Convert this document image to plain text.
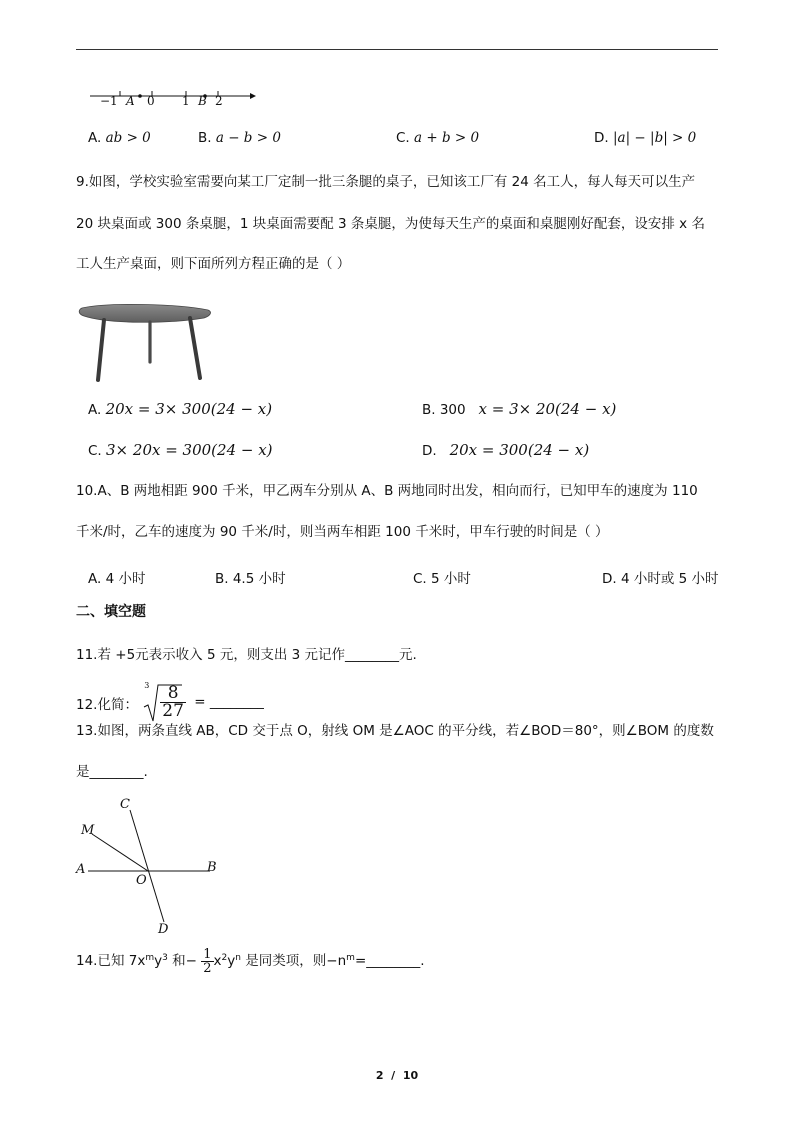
−1 A 0 1 B 2
A. ab > 0	B. a − b > 0	C. a + b > 0	D. |a| − |b| > 0
9.如图，学校实验室需要向某工厂定制一批三条腿的桌子，已知该工厂有 24 名工人，每人每天可以生产
20 块桌面或 300 条桌腿，1 块桌面需要配 3 条桌腿，为使每天生产的桌面和桌腿刚好配套，设安排 x 名
工人生产桌面，则下面所列方程正确的是（ ）
A. 20x = 3× 300(24 − x)	B. 300 x = 3× 20(24 − x)
C. 3× 20x = 300(24 − x)	D. 20x = 300(24 − x)
10.A、B 两地相距 900 千米，甲乙两车分别从 A、B 两地同时出发，相向而行，已知甲车的速度为 110
千米/时，乙车的速度为 90 千米/时，则当两车相距 100 千米时，甲车行驶的时间是（ ）
A. 4 小时	B. 4.5 小时	C. 5 小时	D. 4 小时或 5 小时
二、填空题
11.若 +5元表示收入 5 元，则支出 3 元记作________元.
12.化简：
$3 \frac{8}{27}$ = ________
13.如图，两条直线 AB，CD 交于点 O，射线 OM 是∠AOC 的平分线，若∠BOD＝80°，则∠BOM 的度数
是________.
C
M
A
O
B
D
14.已知 $7x^my^3$ 和− $\frac{1}{2} x^2y^n$ 是同类项，则$-n^m=\_\_\_\_\_\_\_\_$.
2  /  10
